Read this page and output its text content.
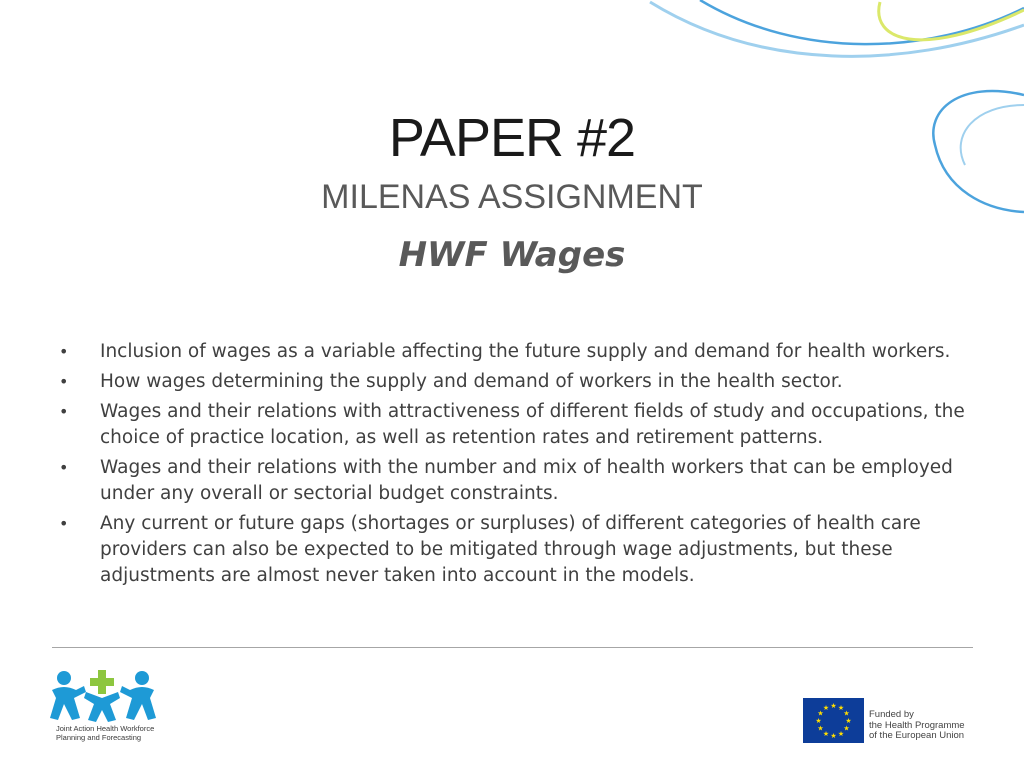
PAPER #2
MILENAS ASSIGNMENT
HWF Wages
• Inclusion of wages as a variable affecting the future supply and demand for health workers.
• How wages determining the supply and demand of workers in the health sector.
• Wages and their relations with attractiveness of different fields of study and occupations, the choice of practice location, as well as retention rates and retirement patterns.
• Wages and their relations with the number and mix of health workers that can be employed under any overall or sectorial budget constraints.
• Any current or future gaps (shortages or surpluses) of different categories of health care providers can also be expected to be mitigated through wage adjustments, but these adjustments are almost never taken into account in the models.
Joint Action Health Workforce
Planning and Forecasting
★ ★
★
★
★
★
★
★
★
★
★
★
Funded by
the Health Programme
of the European Union
